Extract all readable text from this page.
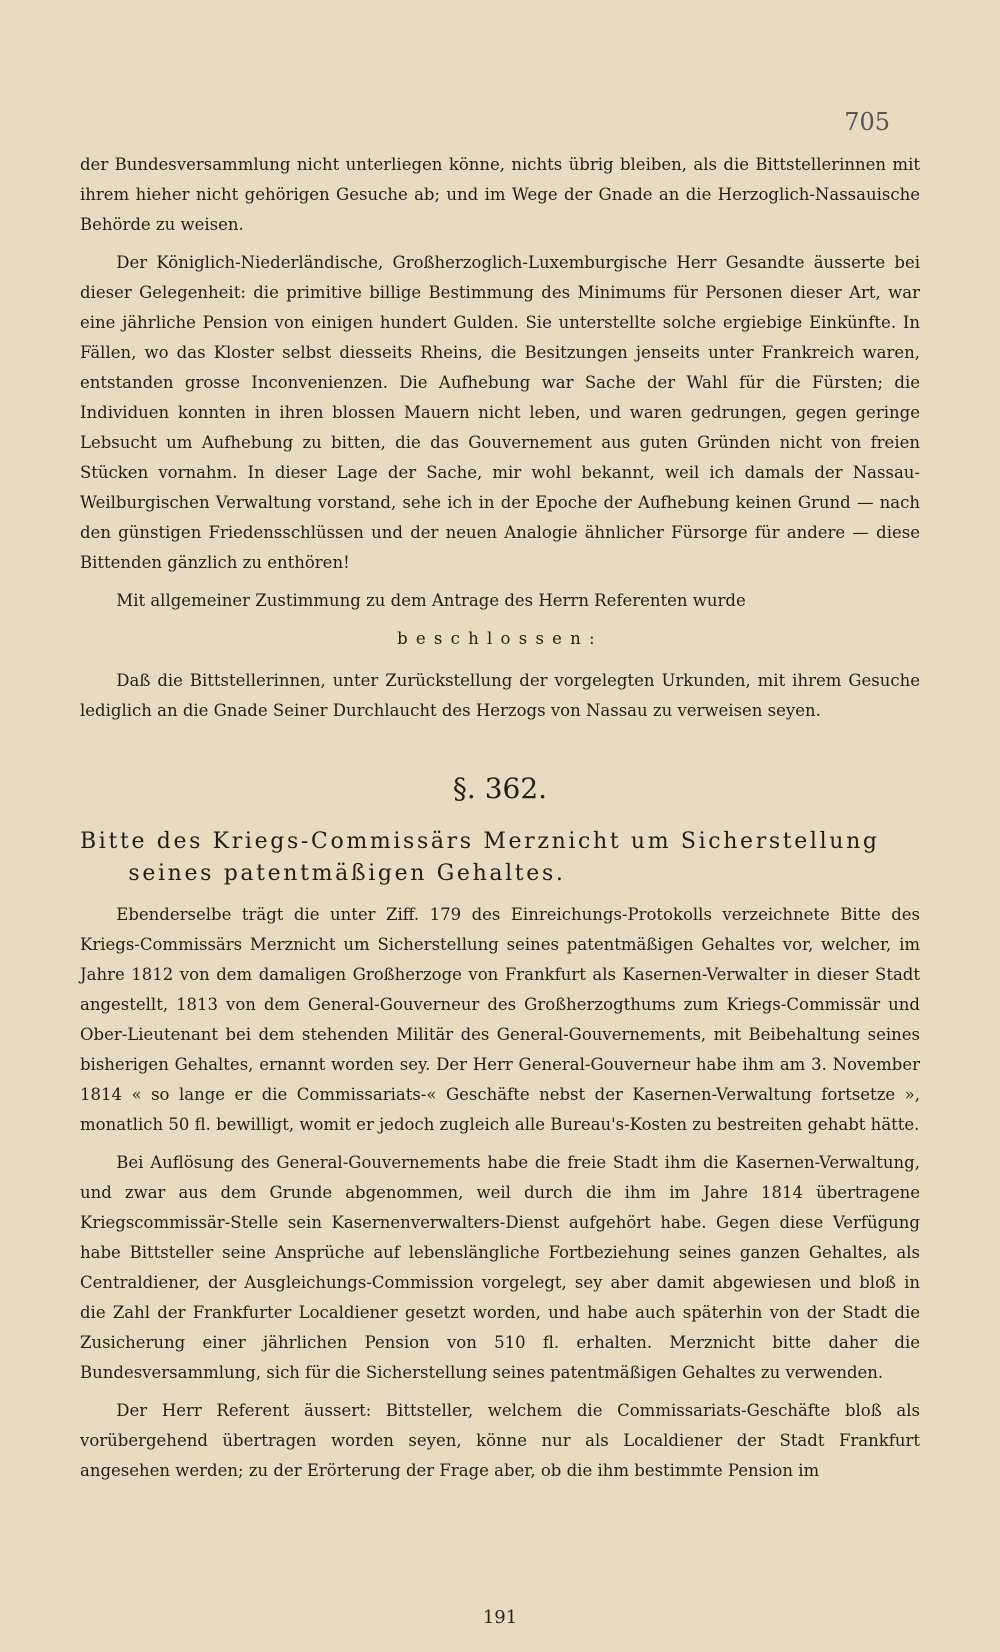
705

der Bundesversammlung nicht unterliegen könne, nichts übrig bleiben, als die Bittstellerinnen mit ihrem hieher nicht gehörigen Gesuche ab; und im Wege der Gnade an die Herzoglich-Nassauische Behörde zu weisen.

Der Königlich-Niederländische, Großherzoglich-Luxemburgische Herr Gesandte äusserte bei dieser Gelegenheit: die primitive billige Bestimmung des Minimums für Personen dieser Art, war eine jährliche Pension von einigen hundert Gulden. Sie unterstellte solche ergiebige Einkünfte. In Fällen, wo das Kloster selbst diesseits Rheins, die Besitzungen jenseits unter Frankreich waren, entstanden grosse Inconvenienzen. Die Aufhebung war Sache der Wahl für die Fürsten; die Individuen konnten in ihren blossen Mauern nicht leben, und waren gedrungen, gegen geringe Lebsucht um Aufhebung zu bitten, die das Gouvernement aus guten Gründen nicht von freien Stücken vornahm. In dieser Lage der Sache, mir wohl bekannt, weil ich damals der Nassau-Weilburgischen Verwaltung vorstand, sehe ich in der Epoche der Aufhebung keinen Grund — nach den günstigen Friedensschlüssen und der neuen Analogie ähnlicher Fürsorge für andere — diese Bittenden gänzlich zu enthören!

Mit allgemeiner Zustimmung zu dem Antrage des Herrn Referenten wurde

beschlossen:

Daß die Bittstellerinnen, unter Zurückstellung der vorgelegten Urkunden, mit ihrem Gesuche lediglich an die Gnade Seiner Durchlaucht des Herzogs von Nassau zu verweisen seyen.

§. 362.
Bitte des Kriegs-Commissärs Merznicht um Sicherstellung seines patentmäßigen Gehaltes.

Ebenderselbe trägt die unter Ziff. 179 des Einreichungs-Protokolls verzeichnete Bitte des Kriegs-Commissärs Merznicht um Sicherstellung seines patentmäßigen Gehaltes vor, welcher, im Jahre 1812 von dem damaligen Großherzoge von Frankfurt als Kasernen-Verwalter in dieser Stadt angestellt, 1813 von dem General-Gouverneur des Großherzogthums zum Kriegs-Commissär und Ober-Lieutenant bei dem stehenden Militär des General-Gouvernements, mit Beibehaltung seines bisherigen Gehaltes, ernannt worden sey. Der Herr General-Gouverneur habe ihm am 3. November 1814 « so lange er die Commissariats-« Geschäfte nebst der Kasernen-Verwaltung fortsetze », monatlich 50 fl. bewilligt, womit er jedoch zugleich alle Bureau's-Kosten zu bestreiten gehabt hätte.

Bei Auflösung des General-Gouvernements habe die freie Stadt ihm die Kasernen-Verwaltung, und zwar aus dem Grunde abgenommen, weil durch die ihm im Jahre 1814 übertragene Kriegscommissär-Stelle sein Kasernenverwalters-Dienst aufgehört habe. Gegen diese Verfügung habe Bittsteller seine Ansprüche auf lebenslängliche Fortbeziehung seines ganzen Gehaltes, als Centraldiener, der Ausgleichungs-Commission vorgelegt, sey aber damit abgewiesen und bloß in die Zahl der Frankfurter Localdiener gesetzt worden, und habe auch späterhin von der Stadt die Zusicherung einer jährlichen Pension von 510 fl. erhalten. Merznicht bitte daher die Bundesversammlung, sich für die Sicherstellung seines patentmäßigen Gehaltes zu verwenden.

Der Herr Referent äussert: Bittsteller, welchem die Commissariats-Geschäfte bloß als vorübergehend übertragen worden seyen, könne nur als Localdiener der Stadt Frankfurt angesehen werden; zu der Erörterung der Frage aber, ob die ihm bestimmte Pension im

191
